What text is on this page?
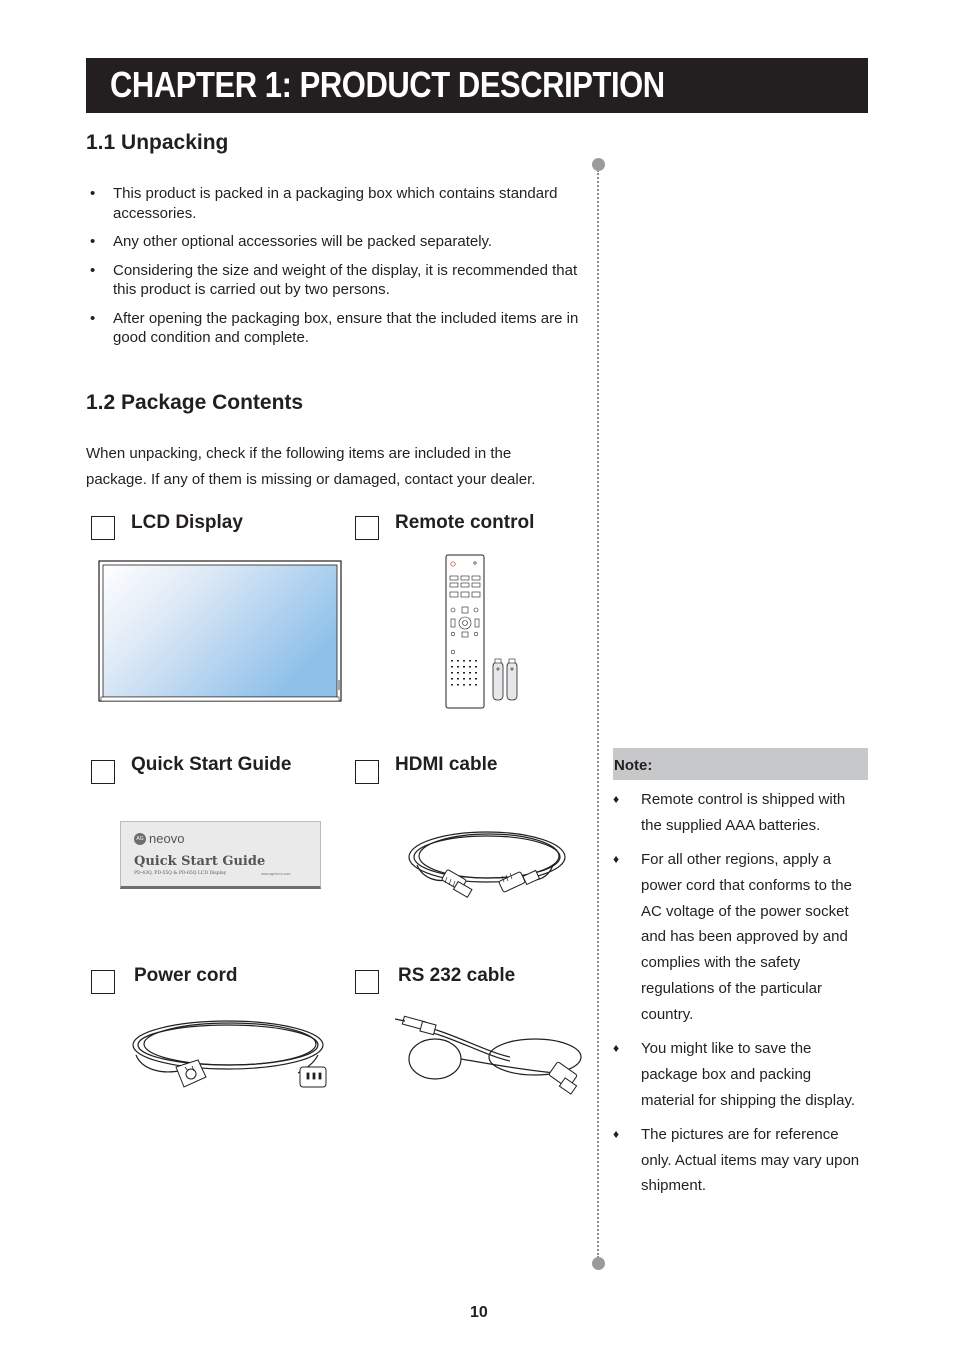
CHAPTER 1: PRODUCT DESCRIPTION
1.1 Unpacking
• This product is packed in a packaging box which contains standard accessories.
• Any other optional accessories will be packed separately.
• Considering the size and weight of the display, it is recommended that this product is carried out by two persons.
• After opening the packaging box, ensure that the included items are in good condition and complete.
1.2 Package Contents
When unpacking, check if the following items are included in the package. If any of them is missing or damaged, contact your dealer.
LCD Display	Remote control
Quick Start Guide
AG neovo
Quick Start Guide
PD-43Q, PD-55Q & PD-65Q LCD Display	www.agneovo.com
HDMI cable
Power cord	RS 232 cable
Note:
♦ Remote control is shipped with the supplied AAA batteries.
♦ For all other regions, apply a power cord that conforms to the AC voltage of the power socket and has been approved by and complies with the safety regulations of the particular country.
♦ You might like to save the package box and packing material for shipping the display.
♦ The pictures are for reference only. Actual items may vary upon shipment.
10
